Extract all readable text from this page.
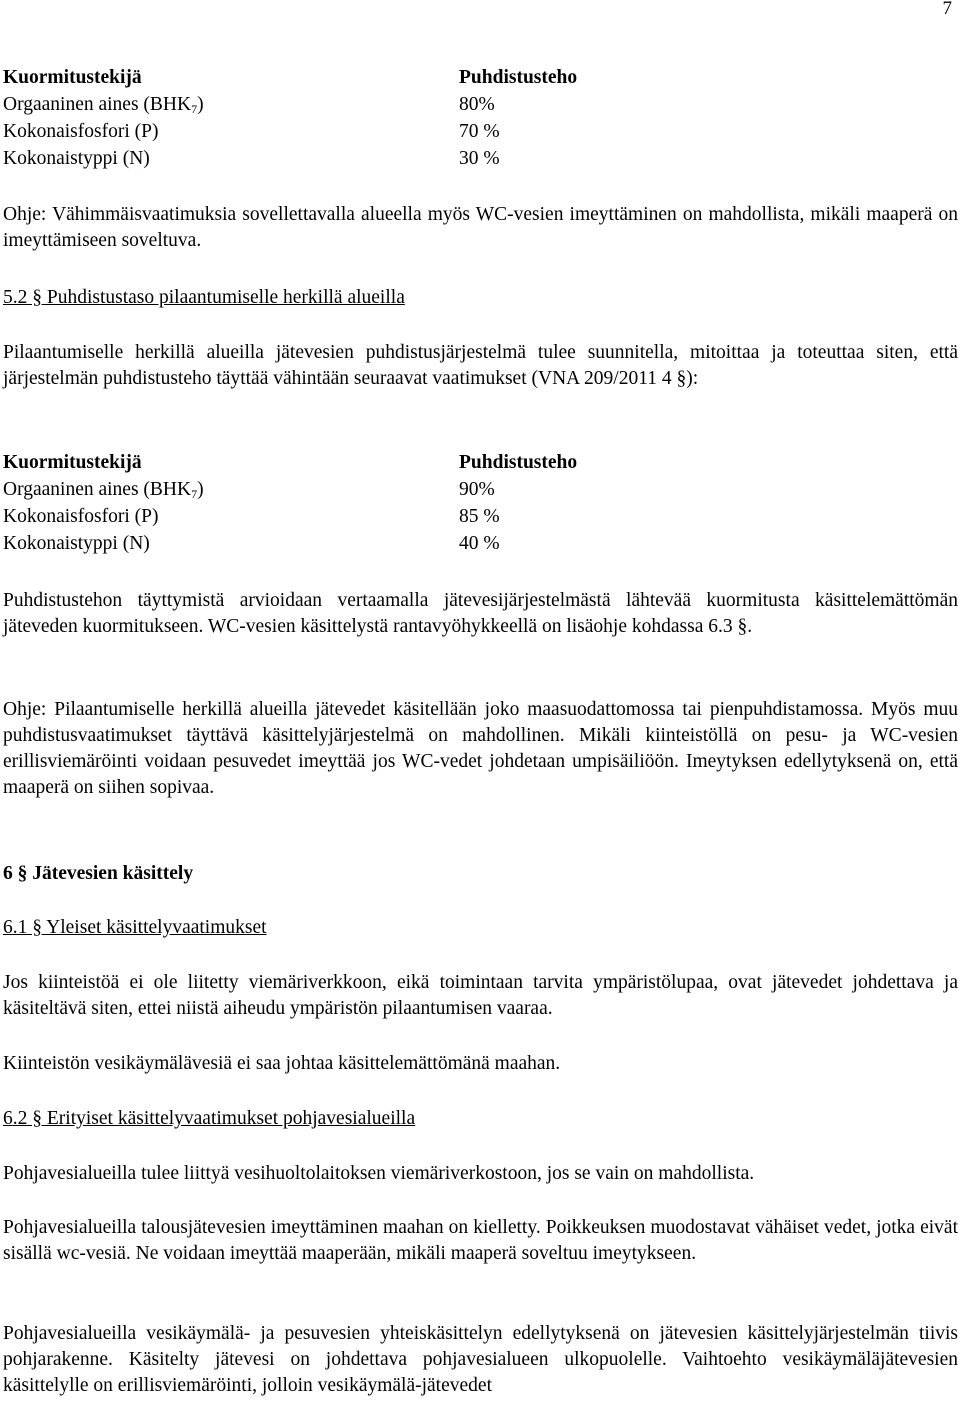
7
Kuormitustekijä	Puhdistusteho
Orgaaninen aines $(BHK_7)$	80%
Kokonaisfosfori (P)	70 %
Kokonaistyppi (N)	30 %

Ohje: Vähimmäisvaatimuksia sovellettavalla alueella myös WC-vesien imeyttäminen on mahdollista, mikäli maaperä on imeyttämiseen soveltuva.

5.2 § Puhdistustaso pilaantumiselle herkillä alueilla

Pilaantumiselle herkillä alueilla jätevesien puhdistusjärjestelmä tulee suunnitella, mitoittaa ja toteuttaa siten, että järjestelmän puhdistusteho täyttää vähintään seuraavat vaatimukset (VNA 209/2011 4 §):

Kuormitustekijä	Puhdistusteho
Orgaaninen aines $(BHK_7)$	90%
Kokonaisfosfori (P)	85 %
Kokonaistyppi (N)	40 %

Puhdistustehon täyttymistä arvioidaan vertaamalla jätevesijärjestelmästä lähtevää kuormitusta käsittelemättömän jäteveden kuormitukseen. WC-vesien käsittelystä rantavyöhykkeellä on lisäohje kohdassa 6.3 §.

Ohje: Pilaantumiselle herkillä alueilla jätevedet käsitellään joko maasuodattomossa tai pienpuhdistamossa. Myös muu puhdistusvaatimukset täyttävä käsittelyjärjestelmä on mahdollinen. Mikäli kiinteistöllä on pesu- ja WC-vesien erillisviemäröinti voidaan pesuvedet imeyttää jos WC-vedet johdetaan umpisäiliöön. Imeytyksen edellytyksenä on, että maaperä on siihen sopivaa.

6 § Jätevesien käsittely

6.1 § Yleiset käsittelyvaatimukset

Jos kiinteistöä ei ole liitetty viemäriverkkoon, eikä toimintaan tarvita ympäristölupaa, ovat jätevedet johdettava ja käsiteltävä siten, ettei niistä aiheudu ympäristön pilaantumisen vaaraa.

Kiinteistön vesikäymälävesiä ei saa johtaa käsittelemättömänä maahan.

6.2 § Erityiset käsittelyvaatimukset pohjavesialueilla

Pohjavesialueilla tulee liittyä vesihuoltolaitoksen viemäriverkostoon, jos se vain on mahdollista.

Pohjavesialueilla talousjätevesien imeyttäminen maahan on kielletty. Poikkeuksen muodostavat vähäiset vedet, jotka eivät sisällä wc-vesiä. Ne voidaan imeyttää maaperään, mikäli maaperä soveltuu imeytykseen.

Pohjavesialueilla vesikäymälä- ja pesuvesien yhteiskäsittelyn edellytyksenä on jätevesien käsittelyjärjestelmän tiivis pohjarakenne. Käsitelty jätevesi on johdettava pohjavesialueen ulkopuolelle. Vaihtoehto vesikäymäläjätevesien käsittelylle on erillisviemäröinti, jolloin vesikäymälä-jätevedet
